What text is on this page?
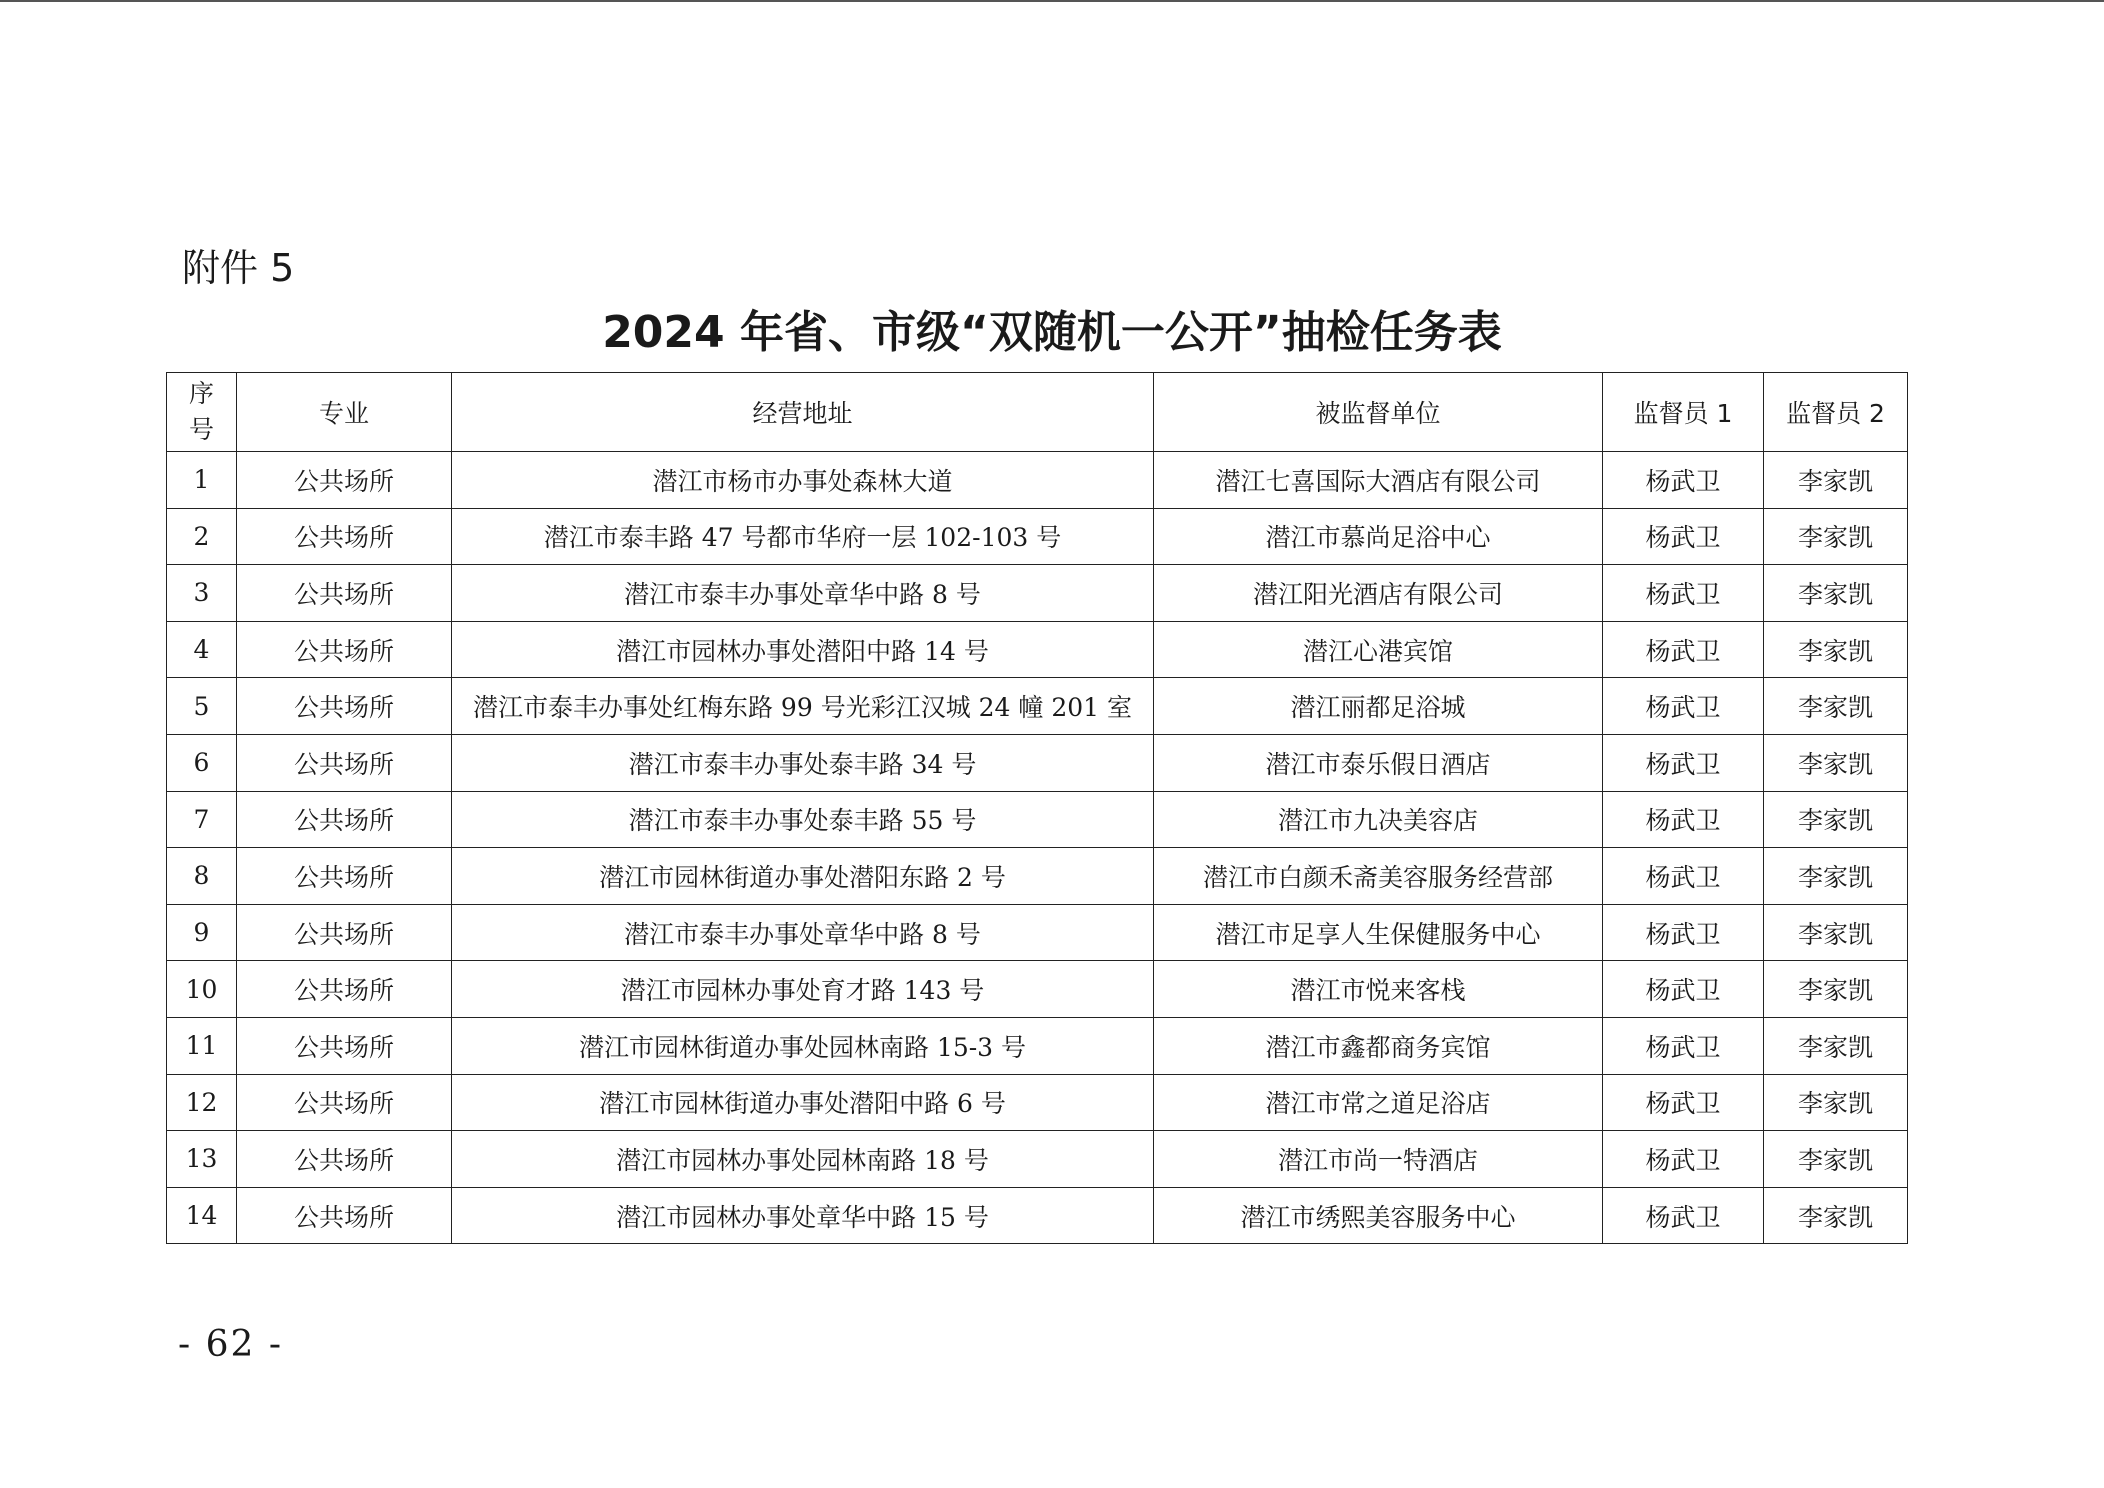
附件 5
2024 年省、市级“双随机一公开”抽检任务表
序
号	专业	经营地址	被监督单位	监督员 1	监督员 2
1	公共场所	潜江市杨市办事处森林大道	潜江七喜国际大酒店有限公司	杨武卫	李家凯
2	公共场所	潜江市泰丰路 47 号都市华府一层 102-103 号	潜江市慕尚足浴中心	杨武卫	李家凯
3	公共场所	潜江市泰丰办事处章华中路 8 号	潜江阳光酒店有限公司	杨武卫	李家凯
4	公共场所	潜江市园林办事处潜阳中路 14 号	潜江心港宾馆	杨武卫	李家凯
5	公共场所	潜江市泰丰办事处红梅东路 99 号光彩江汉城 24 幢 201 室	潜江丽都足浴城	杨武卫	李家凯
6	公共场所	潜江市泰丰办事处泰丰路 34 号	潜江市泰乐假日酒店	杨武卫	李家凯
7	公共场所	潜江市泰丰办事处泰丰路 55 号	潜江市九决美容店	杨武卫	李家凯
8	公共场所	潜江市园林街道办事处潜阳东路 2 号	潜江市白颜禾斋美容服务经营部	杨武卫	李家凯
9	公共场所	潜江市泰丰办事处章华中路 8 号	潜江市足享人生保健服务中心	杨武卫	李家凯
10	公共场所	潜江市园林办事处育才路 143 号	潜江市悦来客栈	杨武卫	李家凯
11	公共场所	潜江市园林街道办事处园林南路 15-3 号	潜江市鑫都商务宾馆	杨武卫	李家凯
12	公共场所	潜江市园林街道办事处潜阳中路 6 号	潜江市常之道足浴店	杨武卫	李家凯
13	公共场所	潜江市园林办事处园林南路 18 号	潜江市尚一特酒店	杨武卫	李家凯
14	公共场所	潜江市园林办事处章华中路 15 号	潜江市绣熙美容服务中心	杨武卫	李家凯
- 62 -
